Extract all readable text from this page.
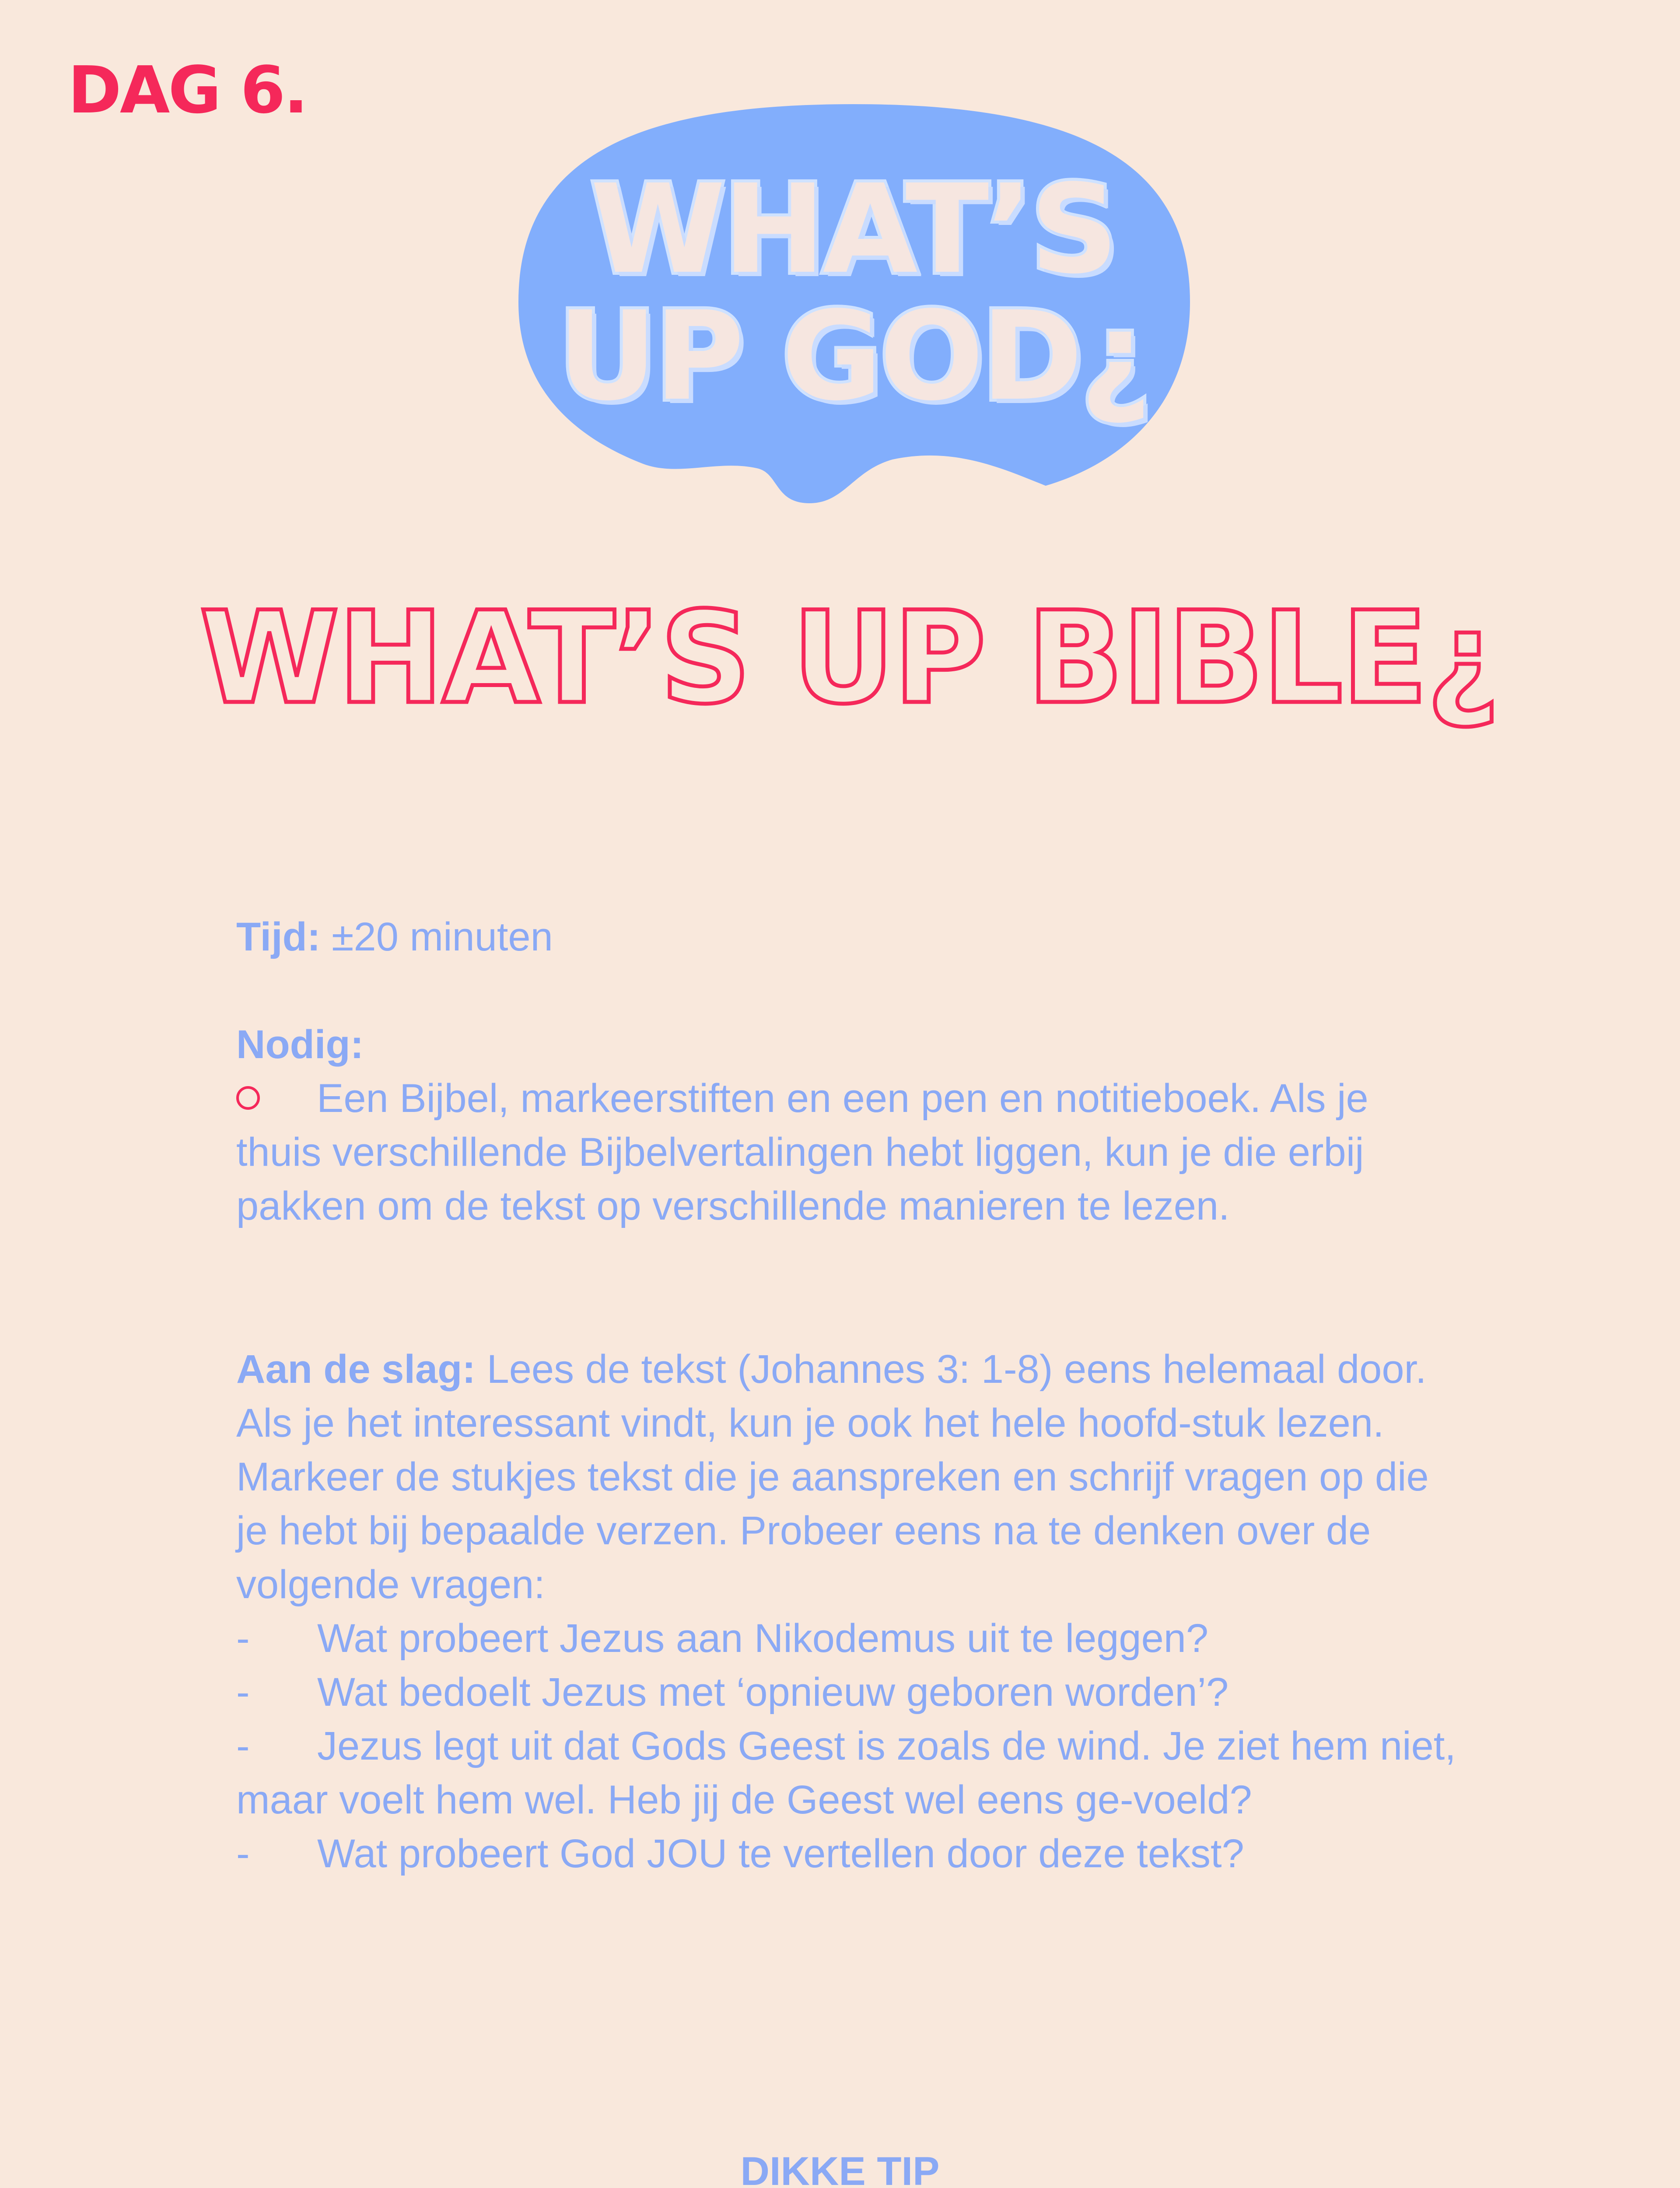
DAG 6.
WHAT’S
UP GOD¿
WHAT’S UP BIBLE¿

Tijd: ±20 minuten

Nodig:

Een Bijbel, markeerstiften en een pen en notitieboek. Als je thuis verschillende Bijbelvertalingen hebt liggen, kun je die erbij pakken om de tekst op verschillende manieren te lezen.

Aan de slag: Lees de tekst (Johannes 3: 1-8) eens helemaal door. Als je het interessant vindt, kun je ook het hele hoofd-stuk lezen. Markeer de stukjes tekst die je aanspreken en schrijf vragen op die je hebt bij bepaalde verzen. Probeer eens na te denken over de volgende vragen:

- Wat probeert Jezus aan Nikodemus uit te leggen?

- Wat bedoelt Jezus met ‘opnieuw geboren worden’?

- Jezus legt uit dat Gods Geest is zoals de wind. Je ziet hem niet, maar voelt hem wel. Heb jij de Geest wel eens ge-voeld?

- Wat probeert God JOU te vertellen door deze tekst?

DIKKE TIP
